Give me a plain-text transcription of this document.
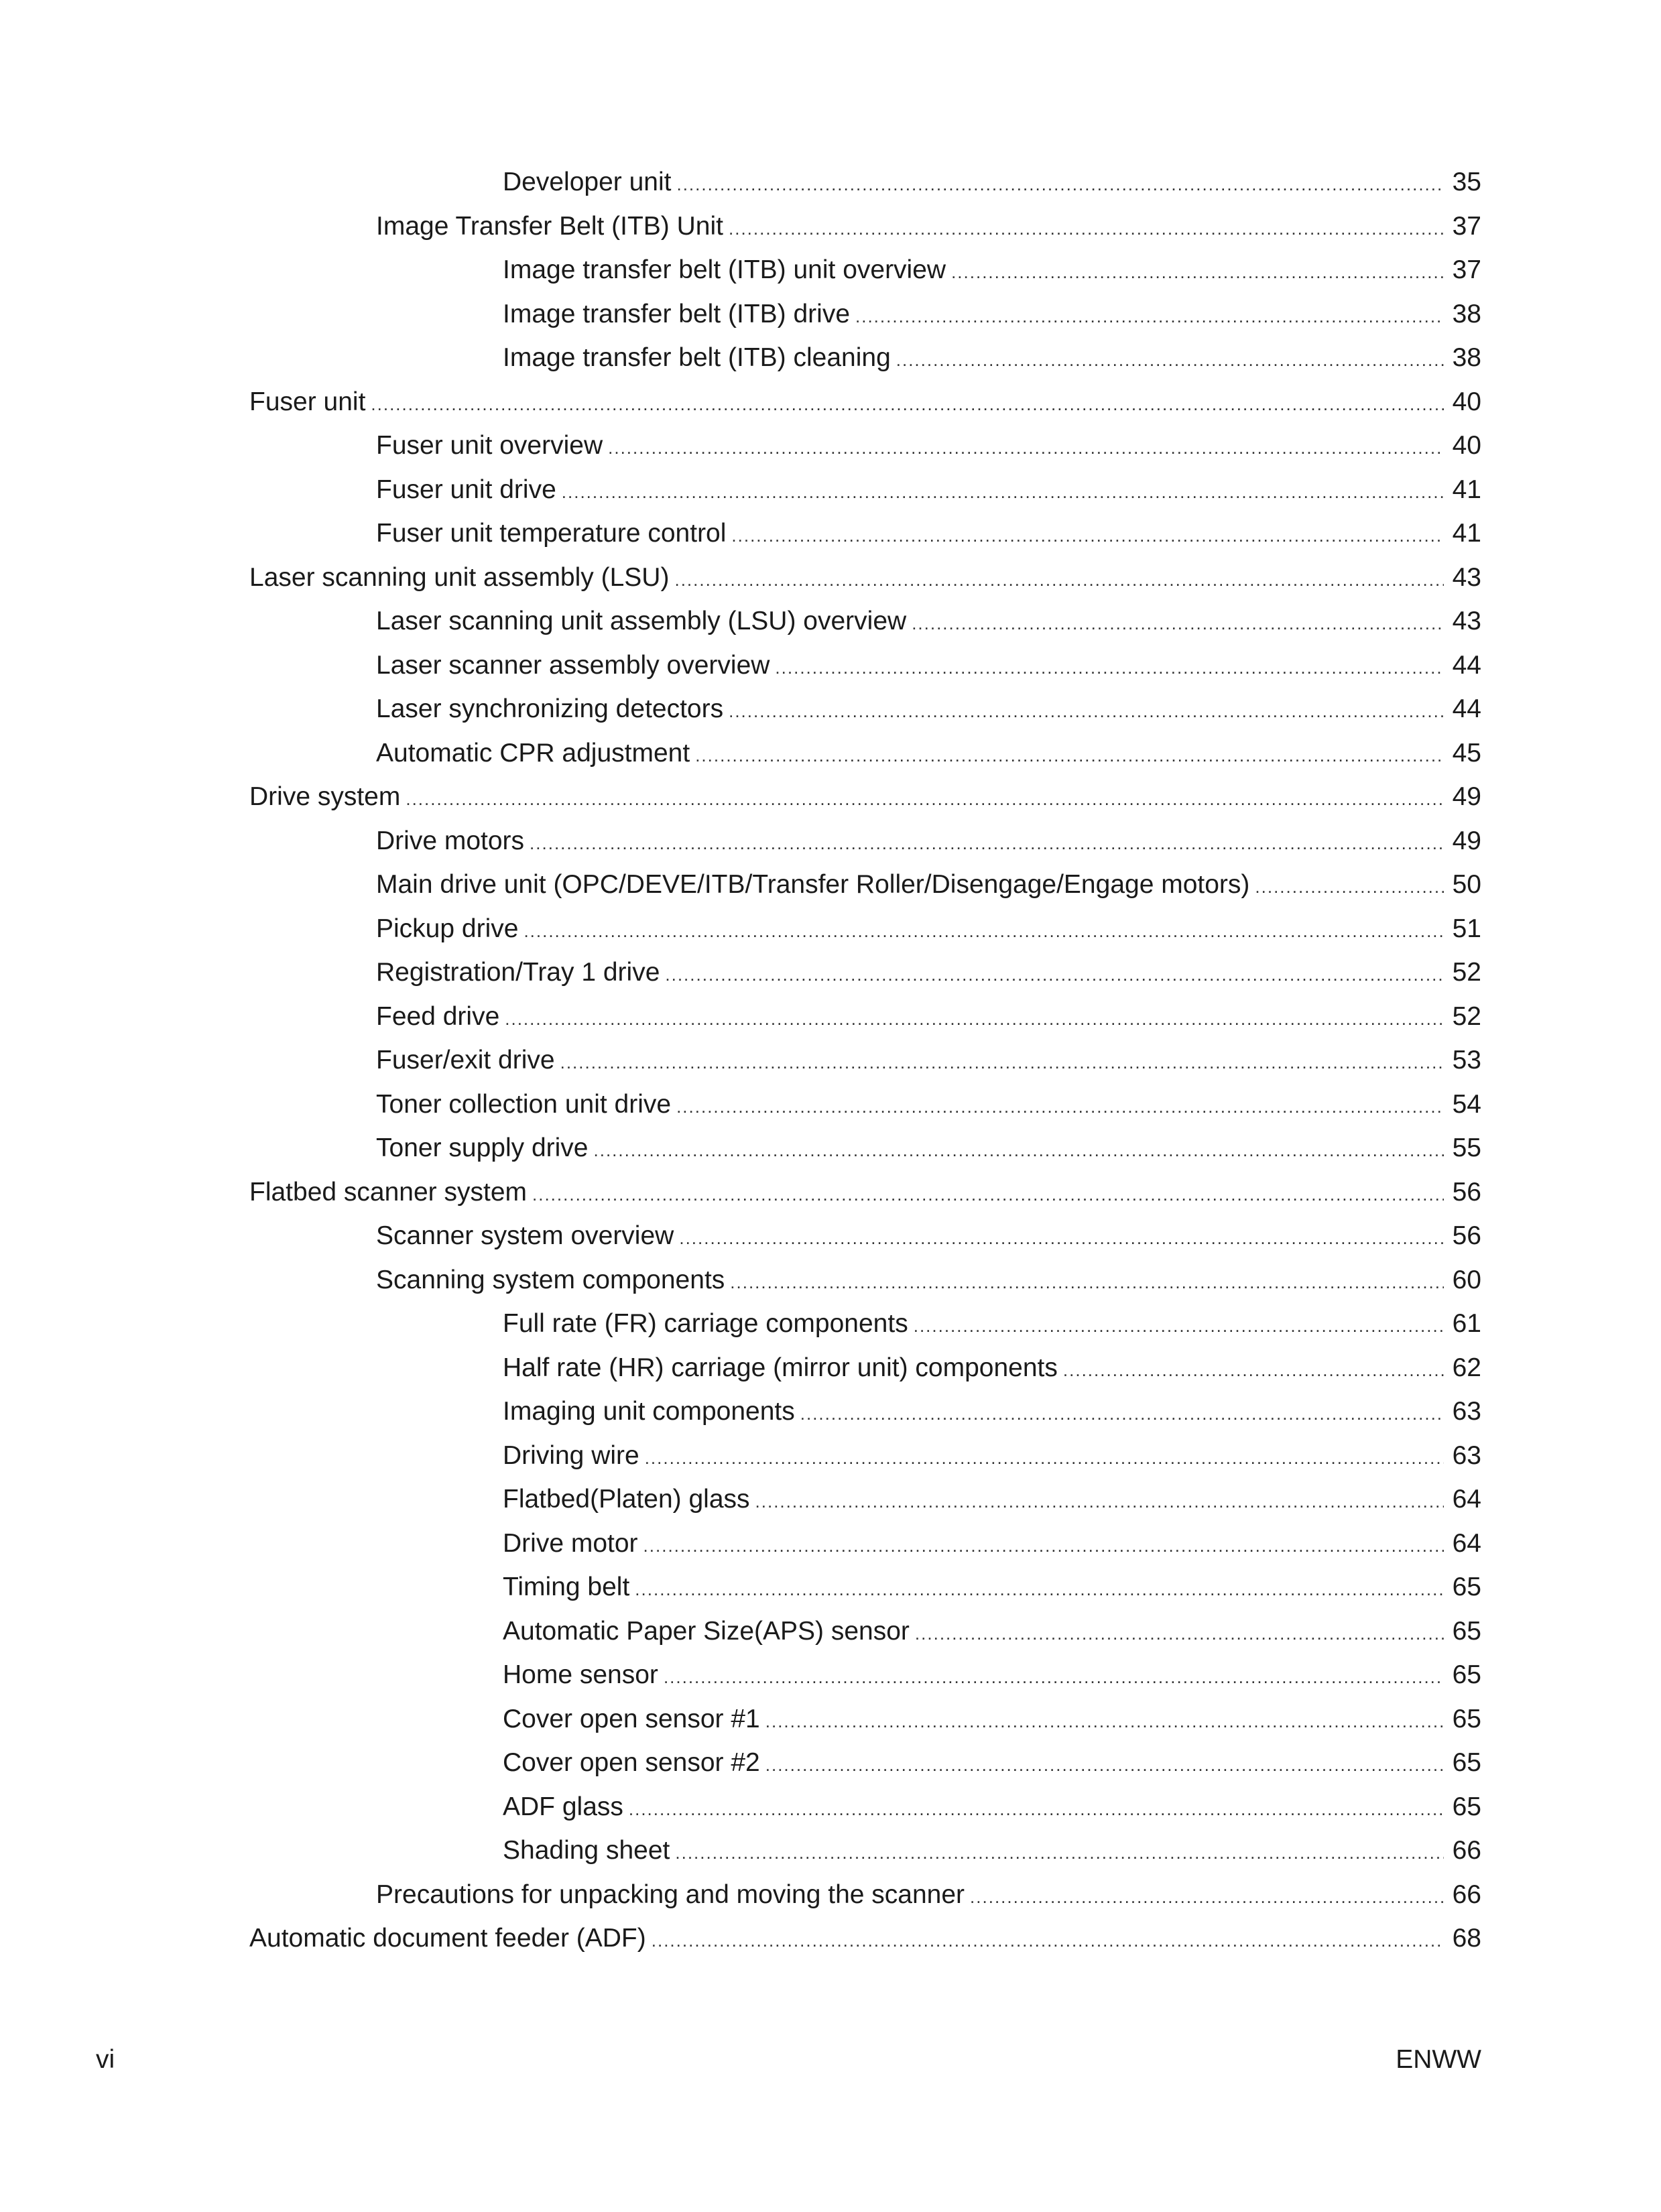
Developer unit .....	35
Image Transfer Belt (ITB) Unit .....	37
Image transfer belt (ITB) unit overview .....	37
Image transfer belt (ITB) drive .....	38
Image transfer belt (ITB) cleaning .....	38
Fuser unit .....	40
Fuser unit overview .....	40
Fuser unit drive .....	41
Fuser unit temperature control .....	41
Laser scanning unit assembly (LSU) .....	43
Laser scanning unit assembly (LSU) overview .....	43
Laser scanner assembly overview .....	44
Laser synchronizing detectors .....	44
Automatic CPR adjustment .....	45
Drive system .....	49
Drive motors .....	49
Main drive unit (OPC/DEVE/ITB/Transfer Roller/Disengage/Engage motors) .....	50
Pickup drive .....	51
Registration/Tray 1 drive .....	52
Feed drive .....	52
Fuser/exit drive .....	53
Toner collection unit drive .....	54
Toner supply drive .....	55
Flatbed scanner system .....	56
Scanner system overview .....	56
Scanning system components .....	60
Full rate (FR) carriage components .....	61
Half rate (HR) carriage (mirror unit) components .....	62
Imaging unit components .....	63
Driving wire .....	63
Flatbed(Platen) glass .....	64
Drive motor .....	64
Timing belt .....	65
Automatic Paper Size(APS) sensor .....	65
Home sensor .....	65
Cover open sensor #1 .....	65
Cover open sensor #2 .....	65
ADF glass .....	65
Shading sheet .....	66
Precautions for unpacking and moving the scanner .....	66
Automatic document feeder (ADF) .....	68
vi	ENWW
